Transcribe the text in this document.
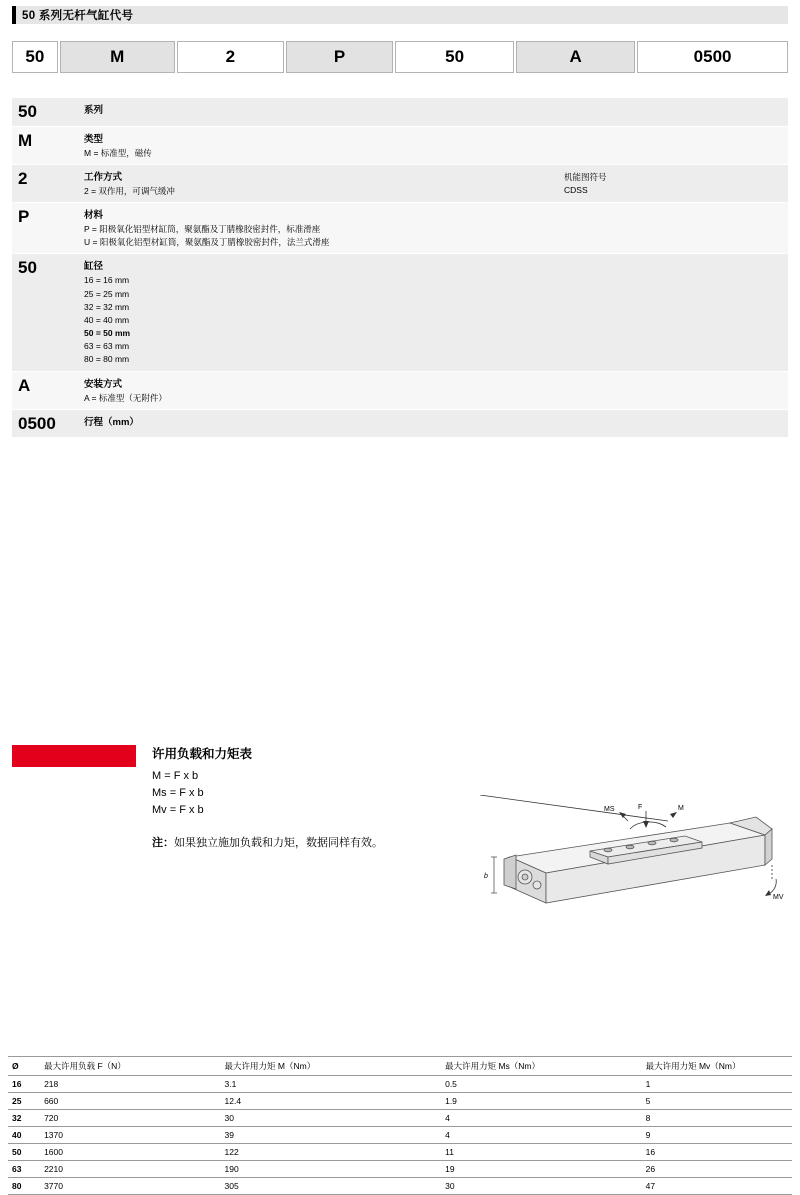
50 系列无杆气缸代号
50	M	2	P	50	A	0500
50	系列	

M	类型
M = 标准型，磁传	

2	工作方式
2 = 双作用，可调气缓冲

机能图符号
CDSS

P	材料
P = 阳极氧化铝型材缸筒，聚氨酯及丁腈橡胶密封件，标准滑座
U = 阳极氧化铝型材缸筒，聚氨酯及丁腈橡胶密封件，法兰式滑座	

50	缸径
16 = 16 mm
25 = 25 mm
32 = 32 mm
40 = 40 mm
50 = 50 mm
63 = 63 mm
80 = 80 mm

A	安装方式
A = 标准型（无附件）	

0500	行程（mm）	

许用负载和力矩表
M = F x b
Ms = F x b
Mv = F x b
注：如果独立施加负载和力矩，数据同样有效。
F	M
MS
MV
b
Ø	最大许用负载 F（N）	最大许用力矩 M（Nm）	最大许用力矩 Ms（Nm）	最大许用力矩 Mv（Nm）
16	218	3.1	0.5	1
25	660	12.4	1.9	5
32	720	30	4	8
40	1370	39	4	9
50	1600	122	11	16
63	2210	190	19	26
80	3770	305	30	47
